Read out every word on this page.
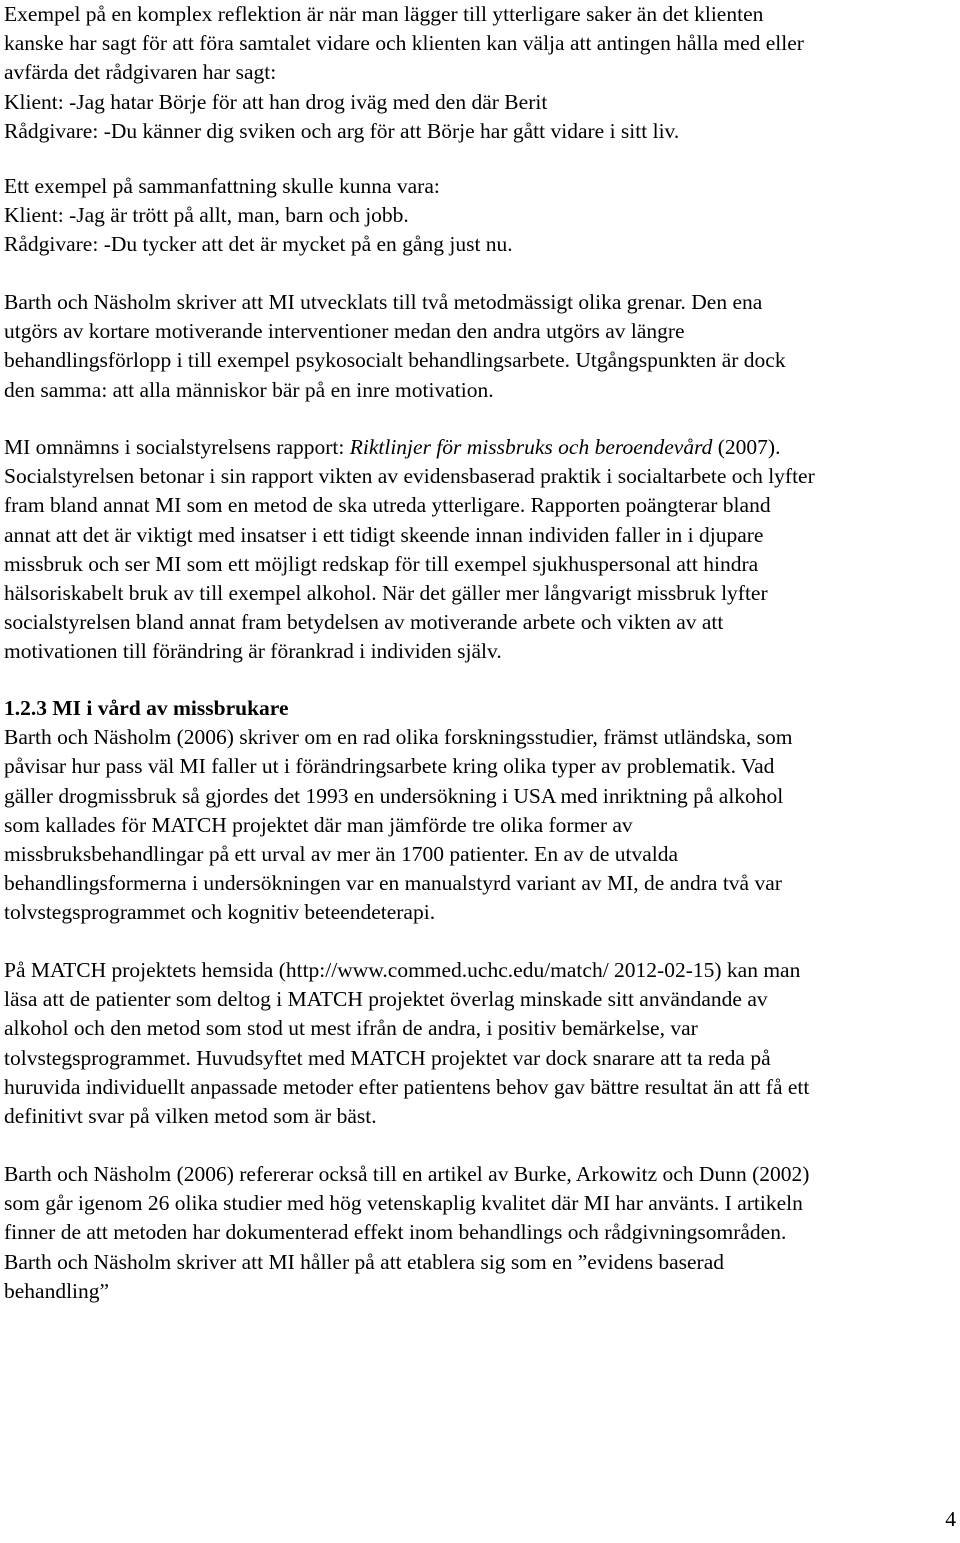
Exempel på en komplex reflektion är när man lägger till ytterligare saker än det klienten
kanske har sagt för att föra samtalet vidare och klienten kan välja att antingen hålla med eller
avfärda det rådgivaren har sagt:
Klient: -Jag hatar Börje för att han drog iväg med den där Berit
Rådgivare: -Du känner dig sviken och arg för att Börje har gått vidare i sitt liv.
Ett exempel på sammanfattning skulle kunna vara:
Klient: -Jag är trött på allt, man, barn och jobb.
Rådgivare: -Du tycker att det är mycket på en gång just nu.
Barth och Näsholm skriver att MI utvecklats till två metodmässigt olika grenar. Den ena
utgörs av kortare motiverande interventioner medan den andra utgörs av längre
behandlingsförlopp i till exempel psykosocialt behandlingsarbete. Utgångspunkten är dock
den samma: att alla människor bär på en inre motivation.
MI omnämns i socialstyrelsens rapport: Riktlinjer för missbruks och beroendevård (2007).
Socialstyrelsen betonar i sin rapport vikten av evidensbaserad praktik i socialtarbete och lyfter
fram bland annat MI som en metod de ska utreda ytterligare. Rapporten poängterar bland
annat att det är viktigt med insatser i ett tidigt skeende innan individen faller in i djupare
missbruk och ser MI som ett möjligt redskap för till exempel sjukhuspersonal att hindra
hälsoriskabelt bruk av till exempel alkohol. När det gäller mer långvarigt missbruk lyfter
socialstyrelsen bland annat fram betydelsen av motiverande arbete och vikten av att
motivationen till förändring är förankrad i individen själv.
1.2.3 MI i vård av missbrukare
Barth och Näsholm (2006) skriver om en rad olika forskningsstudier, främst utländska, som
påvisar hur pass väl MI faller ut i förändringsarbete kring olika typer av problematik. Vad
gäller drogmissbruk så gjordes det 1993 en undersökning i USA med inriktning på alkohol
som kallades för MATCH projektet där man jämförde tre olika former av
missbruksbehandlingar på ett urval av mer än 1700 patienter. En av de utvalda
behandlingsformerna i undersökningen var en manualstyrd variant av MI, de andra två var
tolvstegsprogrammet och kognitiv beteendeterapi.
På MATCH projektets hemsida (http://www.commed.uchc.edu/match/ 2012-02-15) kan man
läsa att de patienter som deltog i MATCH projektet överlag minskade sitt användande av
alkohol och den metod som stod ut mest ifrån de andra, i positiv bemärkelse, var
tolvstegsprogrammet. Huvudsyftet med MATCH projektet var dock snarare att ta reda på
huruvida individuellt anpassade metoder efter patientens behov gav bättre resultat än att få ett
definitivt svar på vilken metod som är bäst.
Barth och Näsholm (2006) refererar också till en artikel av Burke, Arkowitz och Dunn (2002)
som går igenom 26 olika studier med hög vetenskaplig kvalitet där MI har använts. I artikeln
finner de att metoden har dokumenterad effekt inom behandlings och rådgivningsområden.
Barth och Näsholm skriver att MI håller på att etablera sig som en ”evidens baserad
behandling”
4
